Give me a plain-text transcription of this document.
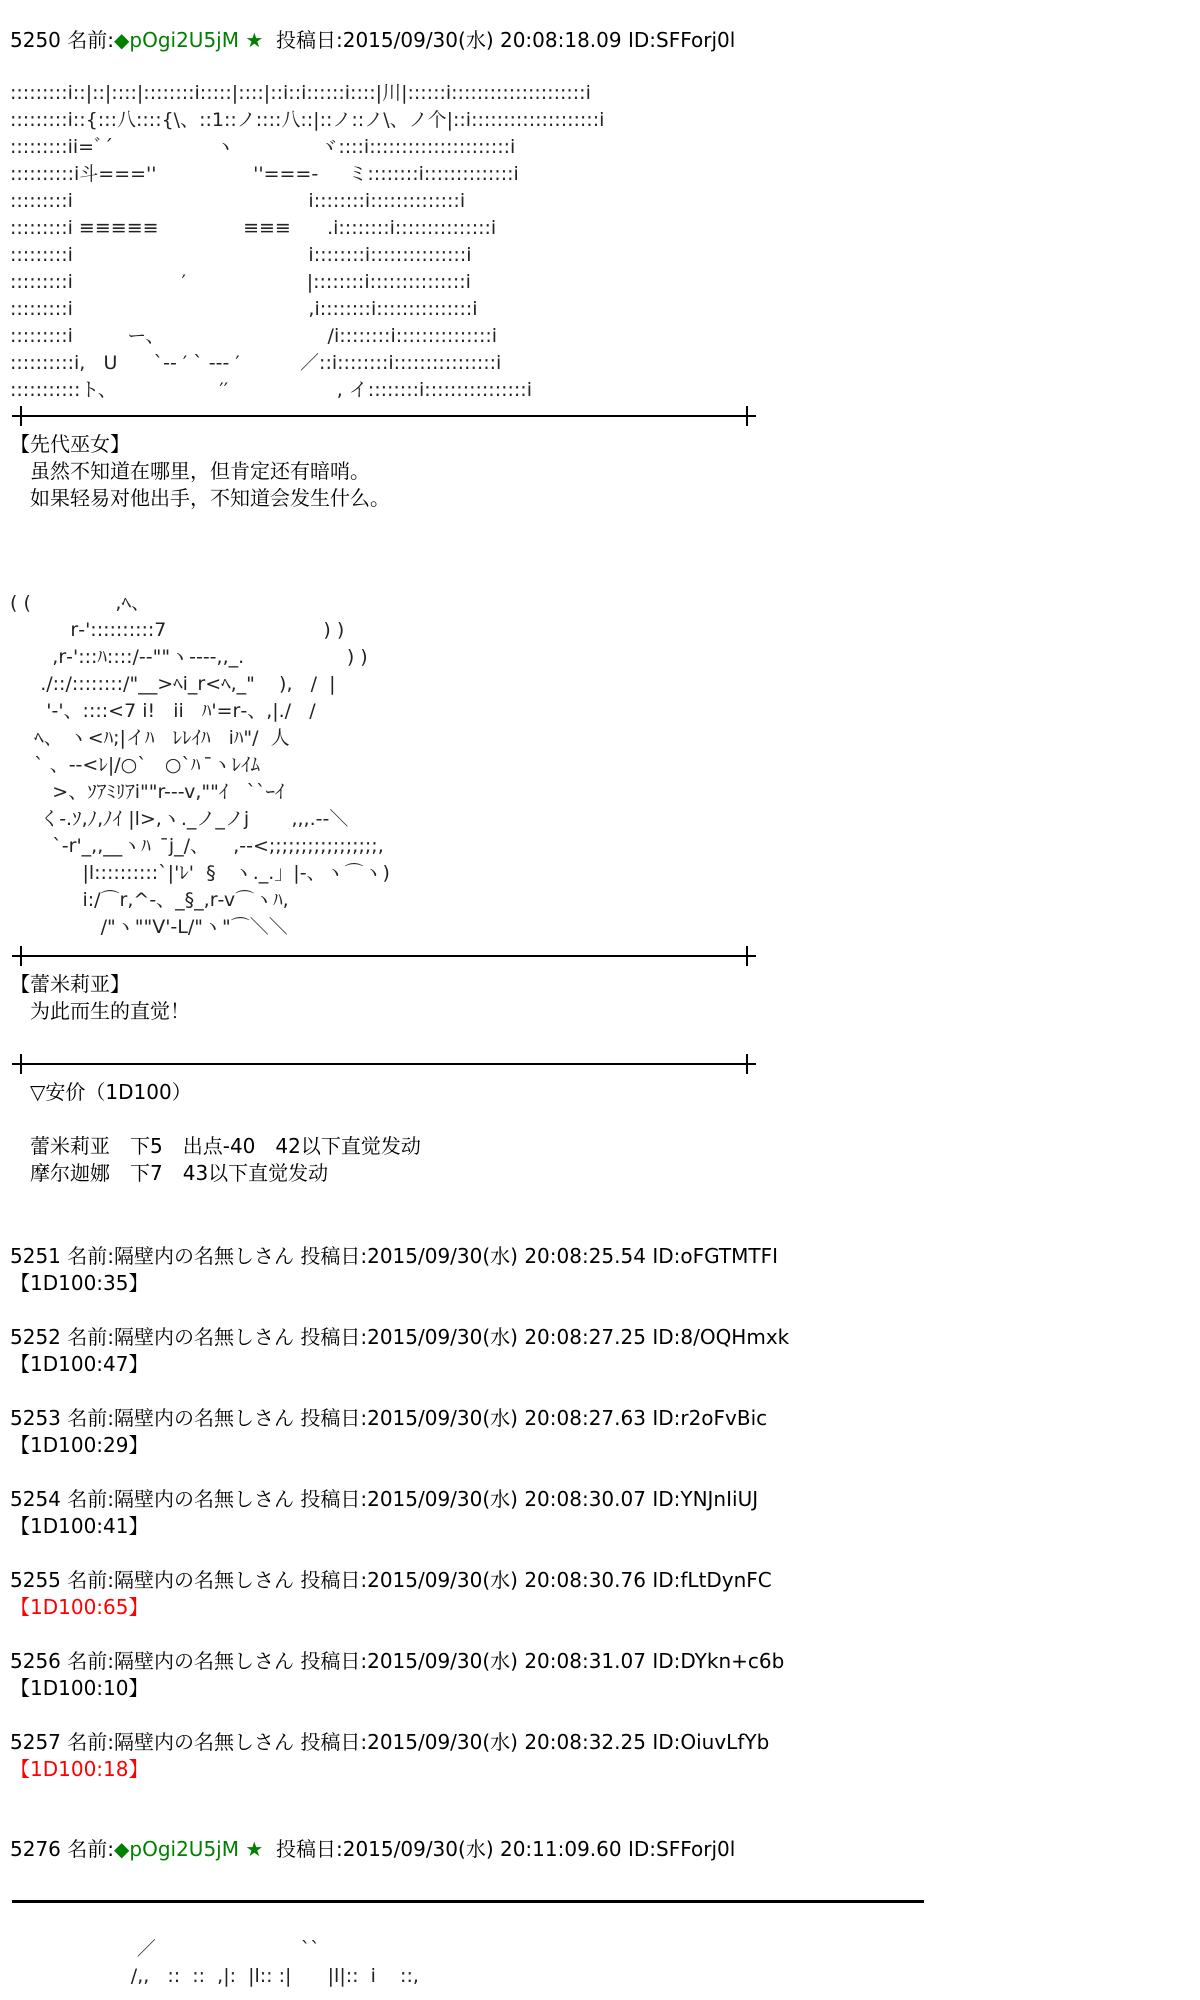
5250 名前:◆pOgi2U5jM ★ 投稿日:2015/09/30(水) 20:08:18.09 ID:SFForj0l
:::::::::i::|::|::::|::::::::i:::::|::::|::i::i::::::i::::|川|::::::i:::::::::::::::::::::i
:::::::::i::{:::八::::{\、::1::ノ::::八::|::ノ::ノ\、ノ个|::i::::::::::::::::::::i
:::::::::ii=ﾞ´                 ヽ              ヾ::::i::::::::::::::::::::::i
::::::::::i斗===''                ''===-     ミ::::::::i::::::::::::::i
:::::::::i                                       i::::::::i::::::::::::::i
:::::::::i ≡≡≡≡≡              ≡≡≡      .i::::::::i:::::::::::::::i
:::::::::i                                       i::::::::i:::::::::::::::i
:::::::::i                  ′                    |::::::::i:::::::::::::::i
:::::::::i                                       ,i::::::::i:::::::::::::::i
:::::::::i         ー、                           /i::::::::i:::::::::::::::i
::::::::::i,   U      `-- ′ ` --- ′          ／::i::::::::i::::::::::::::::i
:::::::::::ト、                 ′′                  , イ::::::::i::::::::::::::::i
【先代巫女】
　虽然不知道在哪里，但肯定还有暗哨。
　如果轻易对他出手，不知道会发生什么。
( (              ,ﾍ、
r‐'::::::::::7                          ) )
,r‐':::ﾊ::::/--""ヽ---‐,,_.                 ) )
./::/::::::::/"__>ﾍi_r<ﾍ,_"    ),   /  |
'‐'、::::<7 i!   ii   ﾊ'=r‐、,|./   /
ﾍ、 ヽ<ﾊ;|イﾊ   ﾚﾚｲﾊ   iﾊ"/  人
` 、-‐<ﾚ|/○`   ○`ﾊ  ̄ヽﾚｲﾑ
>、ｿｱﾐﾘｱi""r---v,""ｲ   ``ｰｲ
く‐.ｿ,ﾉ,ﾉｲ |l>,ヽ._ノ_ノj       ,,,.-‐＼
`‐r'_,,__ヽﾊ   ̄j_/、    ,‐‐<;;;;;;;;;;;;;;;;;,
|l::::::::::`|'ﾚ'  §   ヽ._.」|‐、ヽ⌒ヽ)
i:/⌒r,^‐、_§_,r‐v⌒ヽﾊ,
/"ヽ""V'‐L/"ヽ"⌒＼＼
【蕾米莉亚】
　为此而生的直觉！
　▽安价（1D100）

　蕾米莉亚　下5　出点-40　42以下直觉发动
　摩尔迦娜　下7　43以下直觉发动
5251 名前:隔壁内の名無しさん 投稿日:2015/09/30(水) 20:08:25.54 ID:oFGTMTFI
【1D100:35】
5252 名前:隔壁内の名無しさん 投稿日:2015/09/30(水) 20:08:27.25 ID:8/OQHmxk
【1D100:47】
5253 名前:隔壁内の名無しさん 投稿日:2015/09/30(水) 20:08:27.63 ID:r2oFvBic
【1D100:29】
5254 名前:隔壁内の名無しさん 投稿日:2015/09/30(水) 20:08:30.07 ID:YNJnIiUJ
【1D100:41】
5255 名前:隔壁内の名無しさん 投稿日:2015/09/30(水) 20:08:30.76 ID:fLtDynFC
【1D100:65】
5256 名前:隔壁内の名無しさん 投稿日:2015/09/30(水) 20:08:31.07 ID:DYkn+c6b
【1D100:10】
5257 名前:隔壁内の名無しさん 投稿日:2015/09/30(水) 20:08:32.25 ID:OiuvLfYb
【1D100:18】
5276 名前:◆pOgi2U5jM ★ 投稿日:2015/09/30(水) 20:11:09.60 ID:SFForj0l
／                        ``
/,,   ::  ::  ,|:  |l:: :|      |l|::  i    ::,
